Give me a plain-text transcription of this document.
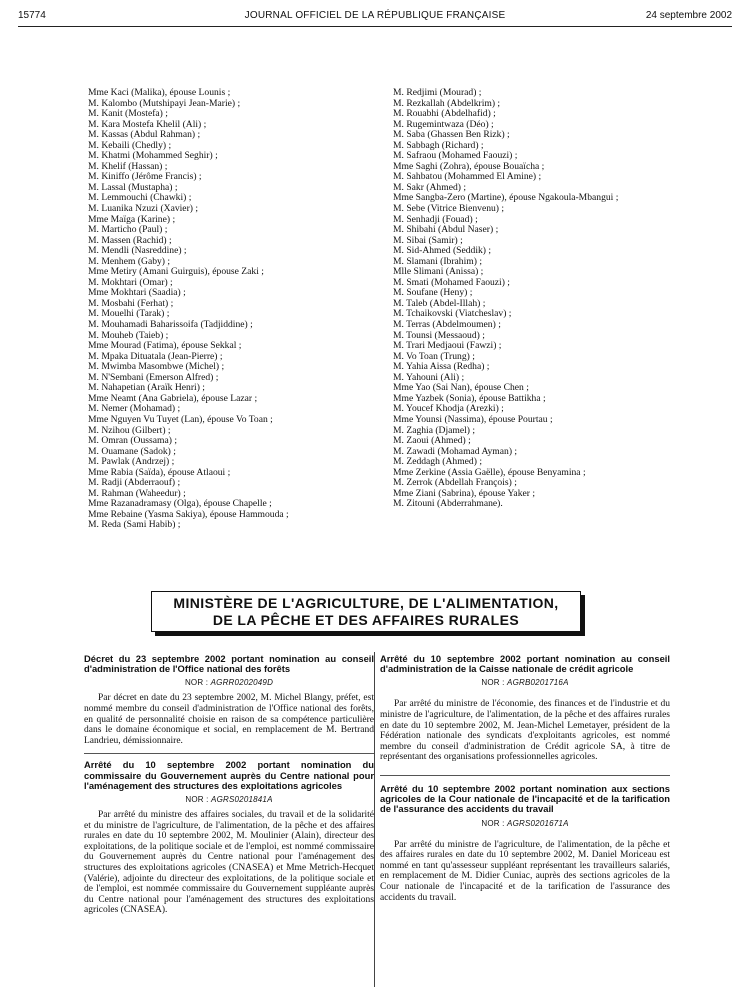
15774	JOURNAL OFFICIEL DE LA RÉPUBLIQUE FRANÇAISE	24 septembre 2002
Mme Kaci (Malika), épouse Lounis ;
M. Kalombo (Mutshipayi Jean-Marie) ;
M. Kanit (Mostefa) ;
M. Kara Mostefa Khelil (Ali) ;
M. Kassas (Abdul Rahman) ;
M. Kebaili (Chedly) ;
M. Khatmi (Mohammed Seghir) ;
M. Khelif (Hassan) ;
M. Kiniffo (Jérôme Francis) ;
M. Lassal (Mustapha) ;
M. Lemmouchi (Chawki) ;
M. Luanika Nzuzi (Xavier) ;
Mme Maïga (Karine) ;
M. Marticho (Paul) ;
M. Massen (Rachid) ;
M. Mendli (Nasreddine) ;
M. Menhem (Gaby) ;
Mme Metiry (Amani Guirguis), épouse Zaki ;
M. Mokhtari (Omar) ;
Mme Mokhtari (Saadia) ;
M. Mosbahi (Ferhat) ;
M. Mouelhi (Tarak) ;
M. Mouhamadi Baharissoifa (Tadjiddine) ;
M. Mouheb (Taieb) ;
Mme Mourad (Fatima), épouse Sekkal ;
M. Mpaka Dituatala (Jean-Pierre) ;
M. Mwimba Masombwe (Michel) ;
M. N'Sembani (Emerson Alfred) ;
M. Nahapetian (Araïk Henri) ;
Mme Neamt (Ana Gabriela), épouse Lazar ;
M. Nemer (Mohamad) ;
Mme Nguyen Vu Tuyet (Lan), épouse Vo Toan ;
M. Nzihou (Gilbert) ;
M. Omran (Oussama) ;
M. Ouamane (Sadok) ;
M. Pawlak (Andrzej) ;
Mme Rabia (Saïda), épouse Atlaoui ;
M. Radji (Abderraouf) ;
M. Rahman (Waheedur) ;
Mme Razanadramasy (Olga), épouse Chapelle ;
Mme Rebaine (Yasma Sakiya), épouse Hammouda ;
M. Reda (Sami Habib) ;
M. Redjimi (Mourad) ;
M. Rezkallah (Abdelkrim) ;
M. Rouabhi (Abdelhafid) ;
M. Rugemintwaza (Déo) ;
M. Saba (Ghassen Ben Rizk) ;
M. Sabbagh (Richard) ;
M. Safraou (Mohamed Faouzi) ;
Mme Saghi (Zohra), épouse Bouaïcha ;
M. Sahbatou (Mohammed El Amine) ;
M. Sakr (Ahmed) ;
Mme Sangba-Zero (Martine), épouse Ngakoula-Mbangui ;
M. Sebe (Vitrice Bienvenu) ;
M. Senhadji (Fouad) ;
M. Shibahi (Abdul Naser) ;
M. Sibai (Samir) ;
M. Sid-Ahmed (Seddik) ;
M. Slamani (Ibrahim) ;
Mlle Slimani (Anissa) ;
M. Smati (Mohamed Faouzi) ;
M. Soufane (Heny) ;
M. Taleb (Abdel-Illah) ;
M. Tchaikovski (Viatcheslav) ;
M. Terras (Abdelmoumen) ;
M. Tounsi (Messaoud) ;
M. Trari Medjaoui (Fawzi) ;
M. Vo Toan (Trung) ;
M. Yahia Aissa (Redha) ;
M. Yahouni (Ali) ;
Mme Yao (Sai Nan), épouse Chen ;
Mme Yazbek (Sonia), épouse Battikha ;
M. Youcef Khodja (Arezki) ;
Mme Younsi (Nassima), épouse Pourtau ;
M. Zaghia (Djamel) ;
M. Zaoui (Ahmed) ;
M. Zawadi (Mohamad Ayman) ;
M. Zeddagh (Ahmed) ;
Mme Zerkine (Assia Gaëlle), épouse Benyamina ;
M. Zerrok (Abdellah François) ;
Mme Ziani (Sabrina), épouse Yaker ;
M. Zitouni (Abderrahmane).
MINISTÈRE DE L'AGRICULTURE, DE L'ALIMENTATION,
DE LA PÊCHE ET DES AFFAIRES RURALES
Décret du 23 septembre 2002 portant nomination au conseil d'administration de l'Office national des forêts
NOR : AGRR0202049D

Par décret en date du 23 septembre 2002, M. Michel Blangy, préfet, est nommé membre du conseil d'administration de l'Office national des forêts, en qualité de personnalité choisie en raison de sa compétence particulière dans le domaine économique et social, en remplacement de M. Bertrand Landrieu, démissionnaire.

Arrêté du 10 septembre 2002 portant nomination du commissaire du Gouvernement auprès du Centre national pour l'aménagement des structures des exploitations agricoles
NOR : AGRS0201841A

Par arrêté du ministre des affaires sociales, du travail et de la solidarité et du ministre de l'agriculture, de l'alimentation, de la pêche et des affaires rurales en date du 10 septembre 2002, M. Moulinier (Alain), directeur des exploitations, de la politique sociale et de l'emploi, est nommé commissaire du Gouvernement auprès du Centre national pour l'aménagement des structures des exploitations agricoles (CNASEA) et Mme Metrich-Hecquet (Valérie), adjointe du directeur des exploitations, de la politique sociale et de l'emploi, est nommée commissaire du Gouvernement suppléante auprès du Centre national pour l'aménagement des structures des exploitations agricoles (CNASEA).

Arrêté du 10 septembre 2002 portant nomination au conseil d'administration de la Caisse nationale de crédit agricole
NOR : AGRB0201716A

Par arrêté du ministre de l'économie, des finances et de l'industrie et du ministre de l'agriculture, de l'alimentation, de la pêche et des affaires rurales en date du 10 septembre 2002, M. Jean-Michel Lemetayer, président de la Fédération nationale des syndicats d'exploitants agricoles, est nommé membre du conseil d'administration de Crédit agricole SA, à titre de représentant des organisations professionnelles agricoles.

Arrêté du 10 septembre 2002 portant nomination aux sections agricoles de la Cour nationale de l'incapacité et de la tarification de l'assurance des accidents du travail
NOR : AGRS0201671A

Par arrêté du ministre de l'agriculture, de l'alimentation, de la pêche et des affaires rurales en date du 10 septembre 2002, M. Daniel Moriceau est nommé en tant qu'assesseur suppléant représentant les travailleurs salariés, en remplacement de M. Didier Cuniac, auprès des sections agricoles de la Cour nationale de l'incapacité et de la tarification de l'assurance des accidents du travail.
